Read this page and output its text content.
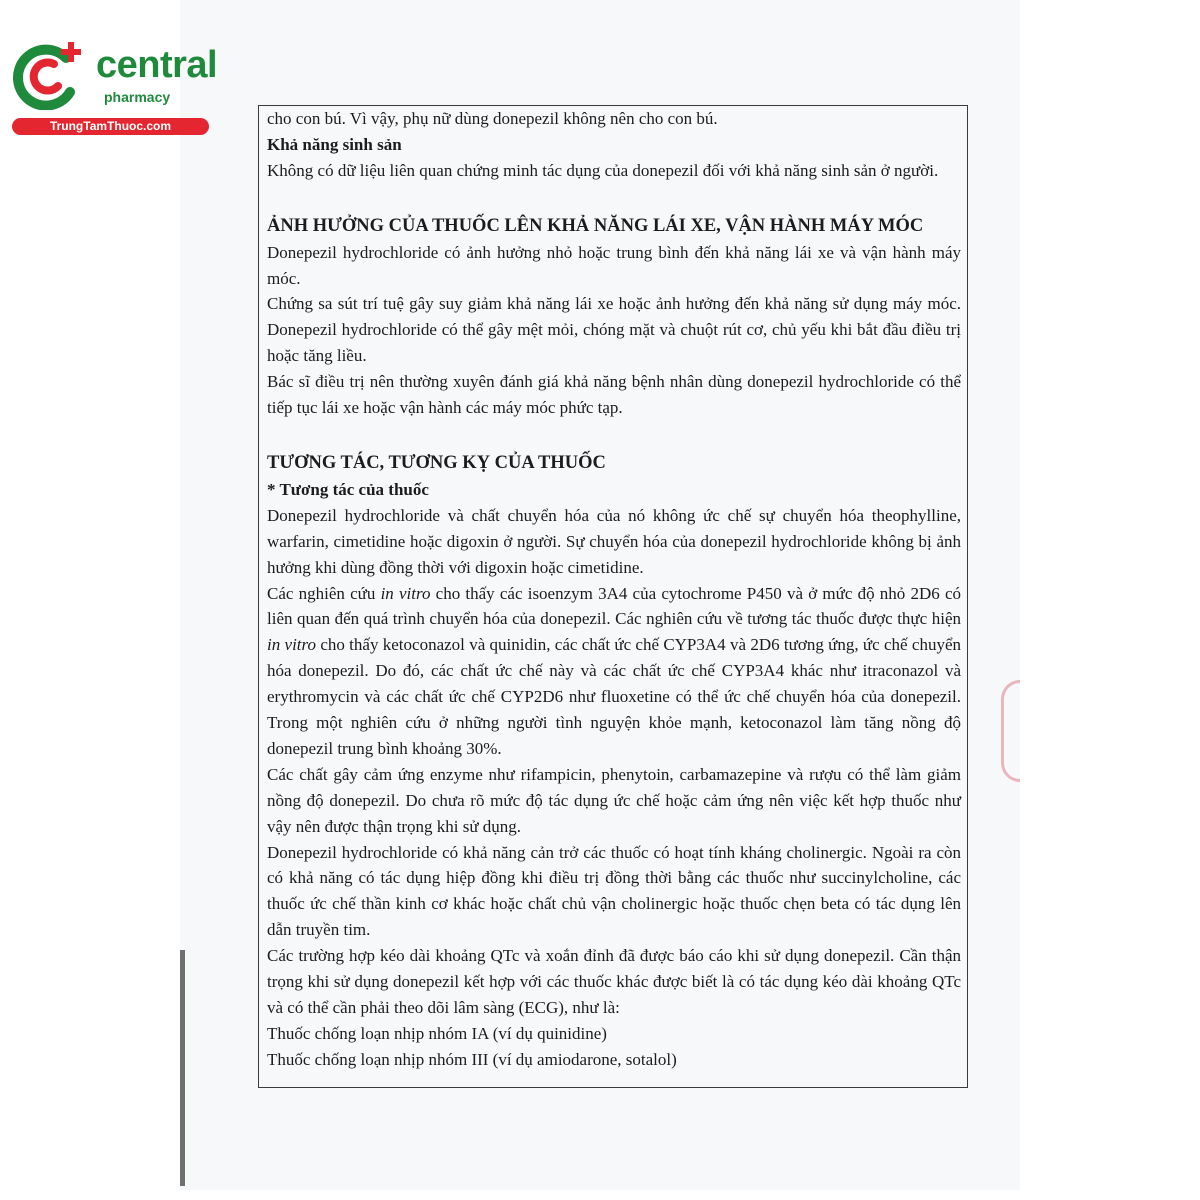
central
pharmacy
TrungTamThuoc.com	cho con bú. Vì vậy, phụ nữ dùng donepezil không nên cho con bú.

Khả năng sinh sản

Không có dữ liệu liên quan chứng minh tác dụng của donepezil đối với khả năng sinh sản ở người.

ẢNH HƯỞNG CỦA THUỐC LÊN KHẢ NĂNG LÁI XE, VẬN HÀNH MÁY MÓC

Donepezil hydrochloride có ảnh hưởng nhỏ hoặc trung bình đến khả năng lái xe và vận hành máy móc.

Chứng sa sút trí tuệ gây suy giảm khả năng lái xe hoặc ảnh hưởng đến khả năng sử dụng máy móc. Donepezil hydrochloride có thể gây mệt mỏi, chóng mặt và chuột rút cơ, chủ yếu khi bắt đầu điều trị hoặc tăng liều.

Bác sĩ điều trị nên thường xuyên đánh giá khả năng bệnh nhân dùng donepezil hydrochloride có thể tiếp tục lái xe hoặc vận hành các máy móc phức tạp.

TƯƠNG TÁC, TƯƠNG KỴ CỦA THUỐC

* Tương tác của thuốc

Donepezil hydrochloride và chất chuyển hóa của nó không ức chế sự chuyển hóa theophylline, warfarin, cimetidine hoặc digoxin ở người. Sự chuyển hóa của donepezil hydrochloride không bị ảnh hưởng khi dùng đồng thời với digoxin hoặc cimetidine.

Các nghiên cứu in vitro cho thấy các isoenzym 3A4 của cytochrome P450 và ở mức độ nhỏ 2D6 có liên quan đến quá trình chuyển hóa của donepezil. Các nghiên cứu về tương tác thuốc được thực hiện in vitro cho thấy ketoconazol và quinidin, các chất ức chế CYP3A4 và 2D6 tương ứng, ức chế chuyển hóa donepezil. Do đó, các chất ức chế này và các chất ức chế CYP3A4 khác như itraconazol và erythromycin và các chất ức chế CYP2D6 như fluoxetine có thể ức chế chuyển hóa của donepezil. Trong một nghiên cứu ở những người tình nguyện khỏe mạnh, ketoconazol làm tăng nồng độ donepezil trung bình khoảng 30%.

Các chất gây cảm ứng enzyme như rifampicin, phenytoin, carbamazepine và rượu có thể làm giảm nồng độ donepezil. Do chưa rõ mức độ tác dụng ức chế hoặc cảm ứng nên việc kết hợp thuốc như vậy nên được thận trọng khi sử dụng.

Donepezil hydrochloride có khả năng cản trở các thuốc có hoạt tính kháng cholinergic. Ngoài ra còn có khả năng có tác dụng hiệp đồng khi điều trị đồng thời bằng các thuốc như succinylcholine, các thuốc ức chế thần kinh cơ khác hoặc chất chủ vận cholinergic hoặc thuốc chẹn beta có tác dụng lên dẫn truyền tim.

Các trường hợp kéo dài khoảng QTc và xoắn đỉnh đã được báo cáo khi sử dụng donepezil. Cần thận trọng khi sử dụng donepezil kết hợp với các thuốc khác được biết là có tác dụng kéo dài khoảng QTc và có thể cần phải theo dõi lâm sàng (ECG), như là:

Thuốc chống loạn nhịp nhóm IA (ví dụ quinidine)

Thuốc chống loạn nhịp nhóm III (ví dụ amiodarone, sotalol)
